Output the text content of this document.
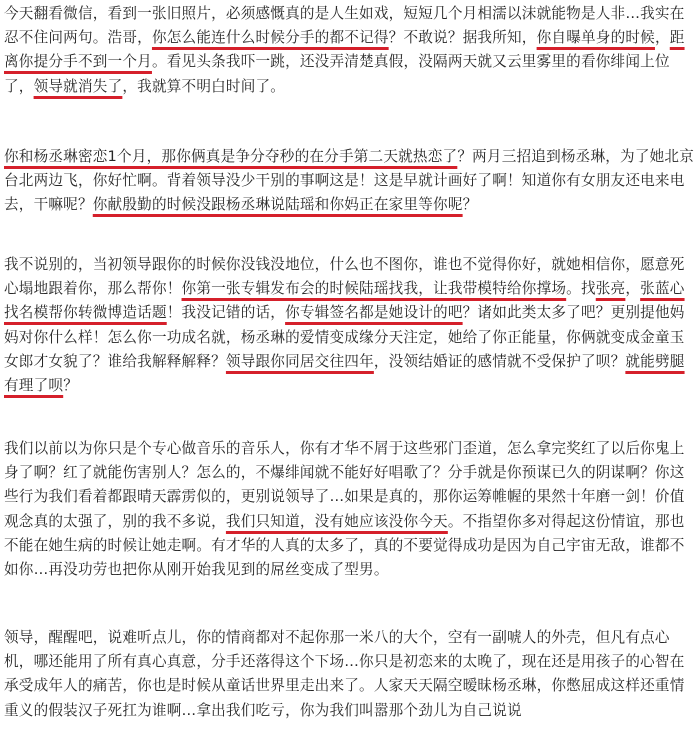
今天翻看微信，看到一张旧照片，必须感慨真的是人生如戏，短短几个月相濡以沫就能物是人非…我实在忍不住问两句。浩哥，你怎么能连什么时候分手的都不记得？不敢说？据我所知，你自曝单身的时候，距离你提分手不到一个月。看见头条我吓一跳，还没弄清楚真假，没隔两天就又云里雾里的看你绯闻上位了，领导就消失了，我就算不明白时间了。

你和杨丞琳密恋1个月，那你俩真是争分夺秒的在分手第二天就热恋了？两月三招追到杨丞琳，为了她北京台北两边飞，你好忙啊。背着领导没少干别的事啊这是！这是早就计画好了啊！知道你有女朋友还电来电去，干嘛呢？你献殷勤的时候没跟杨丞琳说陆瑶和你妈正在家里等你呢？

我不说别的，当初领导跟你的时候你没钱没地位，什么也不图你，谁也不觉得你好，就她相信你，愿意死心塌地跟着你，那么帮你！你第一张专辑发布会的时候陆瑶找我，让我带模特给你撑场。找张亮，张蓝心找名模帮你转微博造话题！我没记错的话，你专辑签名都是她设计的吧？诸如此类太多了吧？更别提他妈妈对你什么样！怎么你一功成名就，杨丞琳的爱情变成缘分天注定，她给了你正能量，你俩就变成金童玉女郎才女貌了？谁给我解释解释？领导跟你同居交往四年，没领结婚证的感情就不受保护了呗？就能劈腿有理了呗？

我们以前以为你只是个专心做音乐的音乐人，你有才华不屑于这些邪门歪道，怎么拿完奖红了以后你鬼上身了啊？红了就能伤害别人？怎么的，不爆绯闻就不能好好唱歌了？分手就是你预谋已久的阴谋啊？你这些行为我们看着都跟晴天霹雳似的，更别说领导了…如果是真的，那你运筹帷幄的果然十年磨一剑！价值观念真的太强了，别的我不多说，我们只知道，没有她应该没你今天。不指望你多对得起这份情谊，那也不能在她生病的时候让她走啊。有才华的人真的太多了，真的不要觉得成功是因为自己宇宙无敌，谁都不如你…再没功劳也把你从刚开始我见到的屌丝变成了型男。

领导，醒醒吧，说难听点儿，你的情商都对不起你那一米八的大个，空有一副唬人的外壳，但凡有点心机，哪还能用了所有真心真意，分手还落得这个下场…你只是初恋来的太晚了，现在还是用孩子的心智在承受成年人的痛苦，你也是时候从童话世界里走出来了。人家天天隔空暧昧杨丞琳，你憋屈成这样还重情重义的假装汉子死扛为谁啊…拿出我们吃亏，你为我们叫嚣那个劲儿为自己说说
